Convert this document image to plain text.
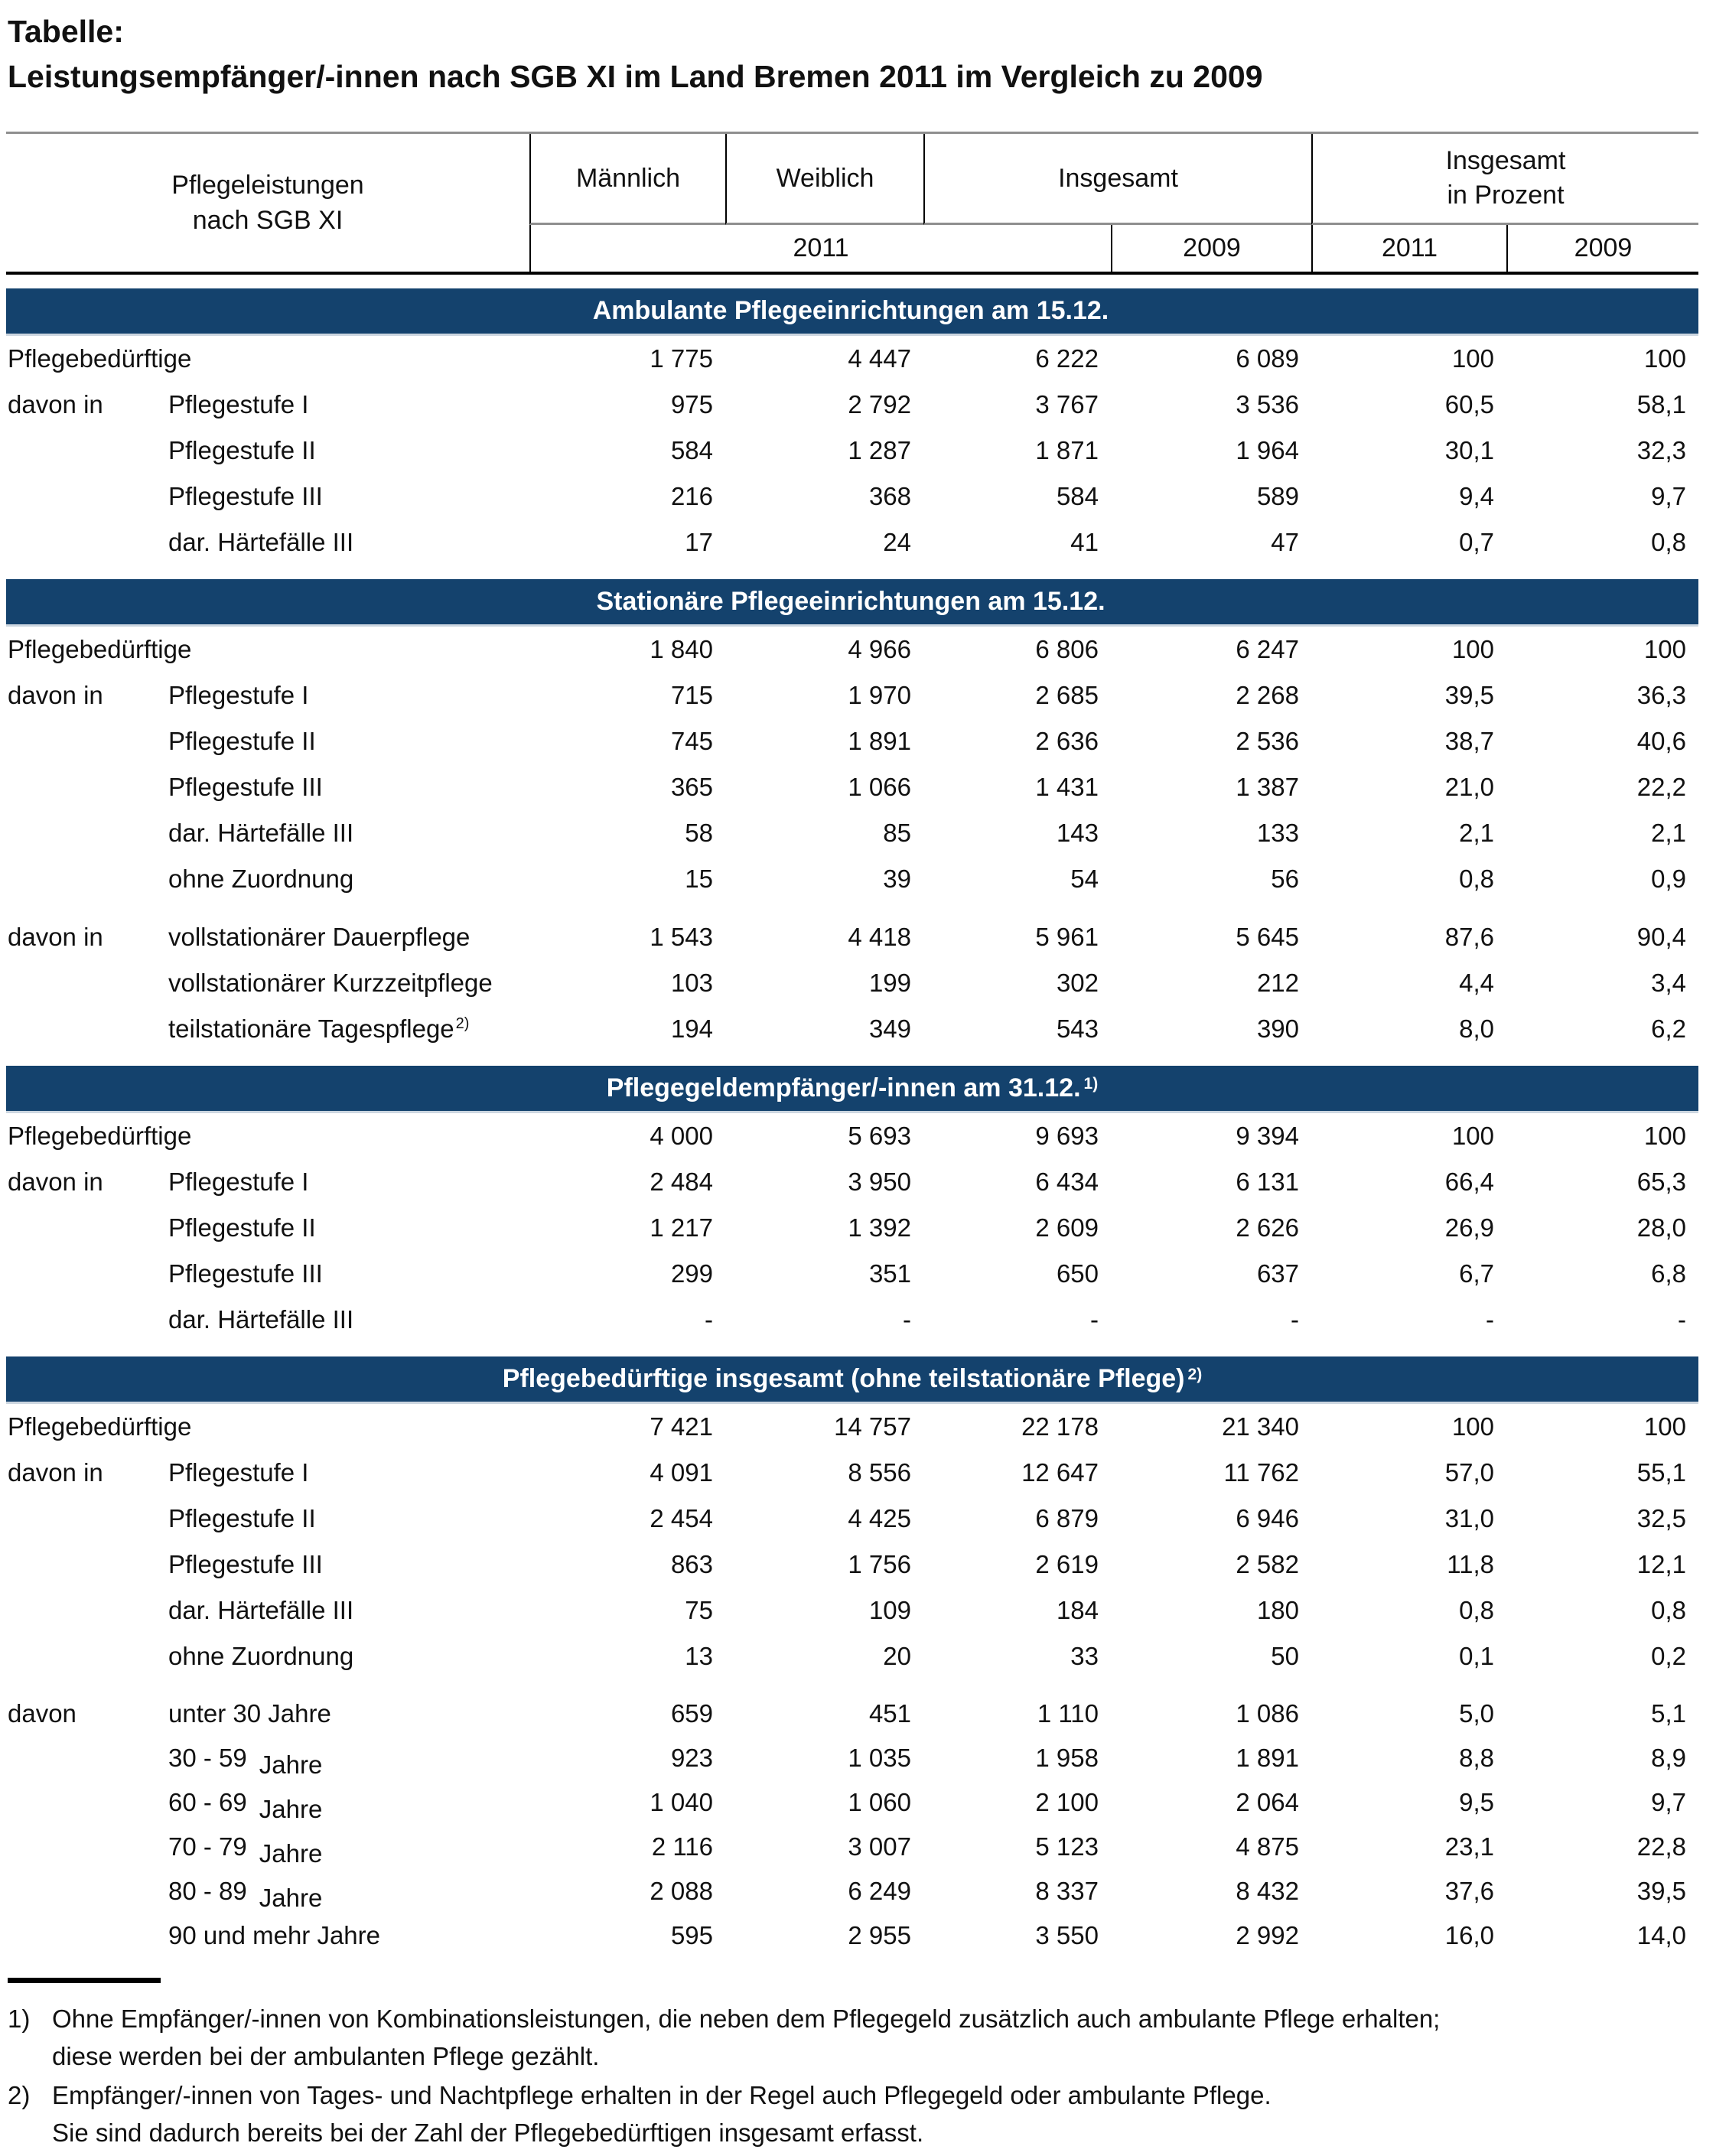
Tabelle:
Leistungsempfänger/-innen nach SGB XI im Land Bremen 2011 im Vergleich zu 2009
Pflegeleistungen
nach SGB XI
Männlich	Weiblich	Insgesamt
Insgesamt
in Prozent
2011	2009	2011	2009
Ambulante Pflegeeinrichtungen am 15.12.
Pflegebedürftige	1 775	4 447	6 222	6 089	100	100
davon in	Pflegestufe I	975	2 792	3 767	3 536	60,5	58,1
Pflegestufe II	584	1 287	1 871	1 964	30,1	32,3
Pflegestufe III	216	368	584	589	9,4	9,7
dar. Härtefälle III	17	24	41	47	0,7	0,8
Stationäre Pflegeeinrichtungen am 15.12.
Pflegebedürftige	1 840	4 966	6 806	6 247	100	100
davon in	Pflegestufe I	715	1 970	2 685	2 268	39,5	36,3
Pflegestufe II	745	1 891	2 636	2 536	38,7	40,6
Pflegestufe III	365	1 066	1 431	1 387	21,0	22,2
dar. Härtefälle III	58	85	143	133	2,1	2,1
ohne Zuordnung	15	39	54	56	0,8	0,9
davon in	vollstationärer Dauerpflege	1 543	4 418	5 961	5 645	87,6	90,4
vollstationärer Kurzzeitpflege	103	199	302	212	4,4	3,4
teilstationäre Tagespflege $^{2)}$	194	349	543	390	8,0	6,2
Pflegegeldempfänger/-innen am 31.12. 1)
Pflegebedürftige	4 000	5 693	9 693	9 394	100	100
davon in	Pflegestufe I	2 484	3 950	6 434	6 131	66,4	65,3
Pflegestufe II	1 217	1 392	2 609	2 626	26,9	28,0
Pflegestufe III	299	351	650	637	6,7	6,8
dar. Härtefälle III	-	-	-	-	-	-
Pflegebedürftige insgesamt (ohne teilstationäre Pflege) 2)
Pflegebedürftige	7 421	14 757	22 178	21 340	100	100
davon in	Pflegestufe I	4 091	8 556	12 647	11 762	57,0	55,1
Pflegestufe II	2 454	4 425	6 879	6 946	31,0	32,5
Pflegestufe III	863	1 756	2 619	2 582	11,8	12,1
dar. Härtefälle III	75	109	184	180	0,8	0,8
ohne Zuordnung	13	20	33	50	0,1	0,2
davon	unter 30 Jahre	659	451	1 110	1 086	5,0	5,1
30 - 59 Jahre	923	1 035	1 958	1 891	8,8	8,9
60 - 69 Jahre	1 040	1 060	2 100	2 064	9,5	9,7
70 - 79 Jahre	2 116	3 007	5 123	4 875	23,1	22,8
80 - 89 Jahre	2 088	6 249	8 337	8 432	37,6	39,5
90 und mehr Jahre	595	2 955	3 550	2 992	16,0	14,0
1) Ohne Empfänger/-innen von Kombinationsleistungen, die neben dem Pflegegeld zusätzlich auch ambulante Pflege erhalten;
diese werden bei der ambulanten Pflege gezählt.
2) Empfänger/-innen von Tages- und Nachtpflege erhalten in der Regel auch Pflegegeld oder ambulante Pflege.
Sie sind dadurch bereits bei der Zahl der Pflegebedürftigen insgesamt erfasst.
